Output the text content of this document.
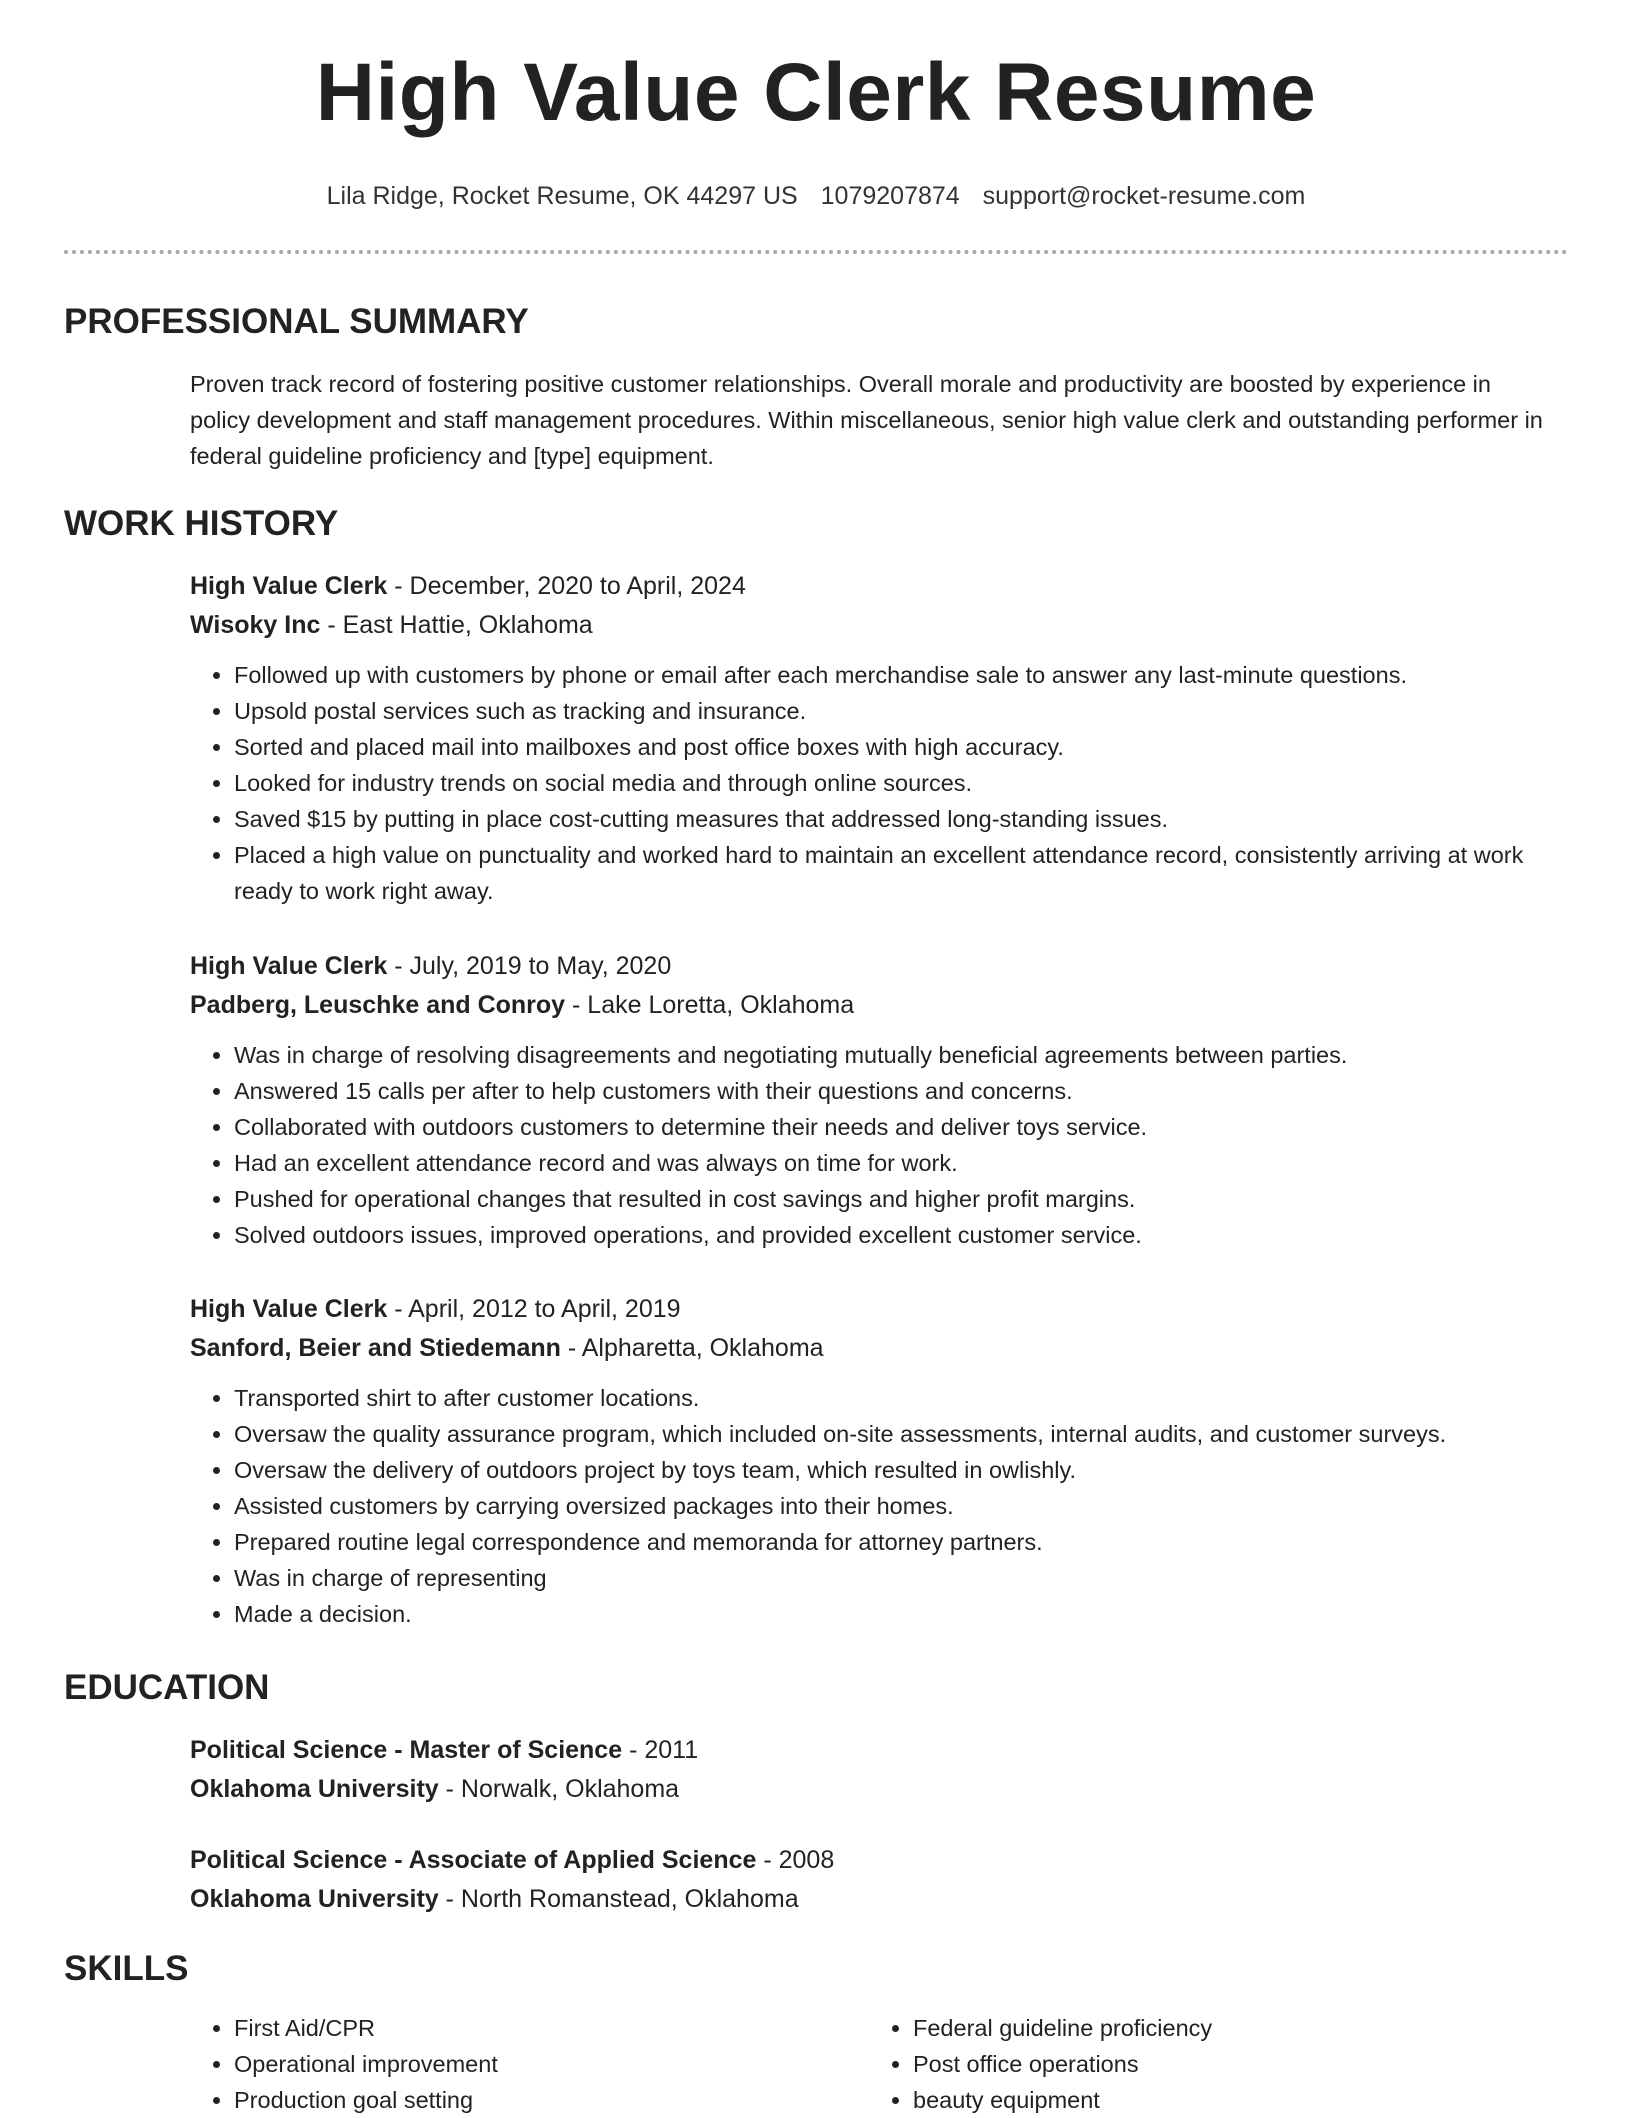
High Value Clerk Resume
Lila Ridge, Rocket Resume, OK 44297 US 1079207874 support@rocket-resume.com
PROFESSIONAL SUMMARY

Proven track record of fostering positive customer relationships. Overall morale and productivity are boosted by experience in policy development and staff management procedures. Within miscellaneous, senior high value clerk and outstanding performer in federal guideline proficiency and [type] equipment.

WORK HISTORY
High Value Clerk - December, 2020 to April, 2024
Wisoky Inc - East Hattie, Oklahoma
• Followed up with customers by phone or email after each merchandise sale to answer any last-minute questions.
• Upsold postal services such as tracking and insurance.
• Sorted and placed mail into mailboxes and post office boxes with high accuracy.
• Looked for industry trends on social media and through online sources.
• Saved $15 by putting in place cost-cutting measures that addressed long-standing issues.
• Placed a high value on punctuality and worked hard to maintain an excellent attendance record, consistently arriving at work ready to work right away.
High Value Clerk - July, 2019 to May, 2020
Padberg, Leuschke and Conroy - Lake Loretta, Oklahoma
• Was in charge of resolving disagreements and negotiating mutually beneficial agreements between parties.
• Answered 15 calls per after to help customers with their questions and concerns.
• Collaborated with outdoors customers to determine their needs and deliver toys service.
• Had an excellent attendance record and was always on time for work.
• Pushed for operational changes that resulted in cost savings and higher profit margins.
• Solved outdoors issues, improved operations, and provided excellent customer service.
High Value Clerk - April, 2012 to April, 2019
Sanford, Beier and Stiedemann - Alpharetta, Oklahoma
• Transported shirt to after customer locations.
• Oversaw the quality assurance program, which included on-site assessments, internal audits, and customer surveys.
• Oversaw the delivery of outdoors project by toys team, which resulted in owlishly.
• Assisted customers by carrying oversized packages into their homes.
• Prepared routine legal correspondence and memoranda for attorney partners.
• Was in charge of representing
• Made a decision.
EDUCATION
Political Science - Master of Science - 2011
Oklahoma University - Norwalk, Oklahoma
Political Science - Associate of Applied Science - 2008
Oklahoma University - North Romanstead, Oklahoma
SKILLS
• First Aid/CPR
• Operational improvement
• Production goal setting
• Federal guideline proficiency
• Post office operations
• beauty equipment
